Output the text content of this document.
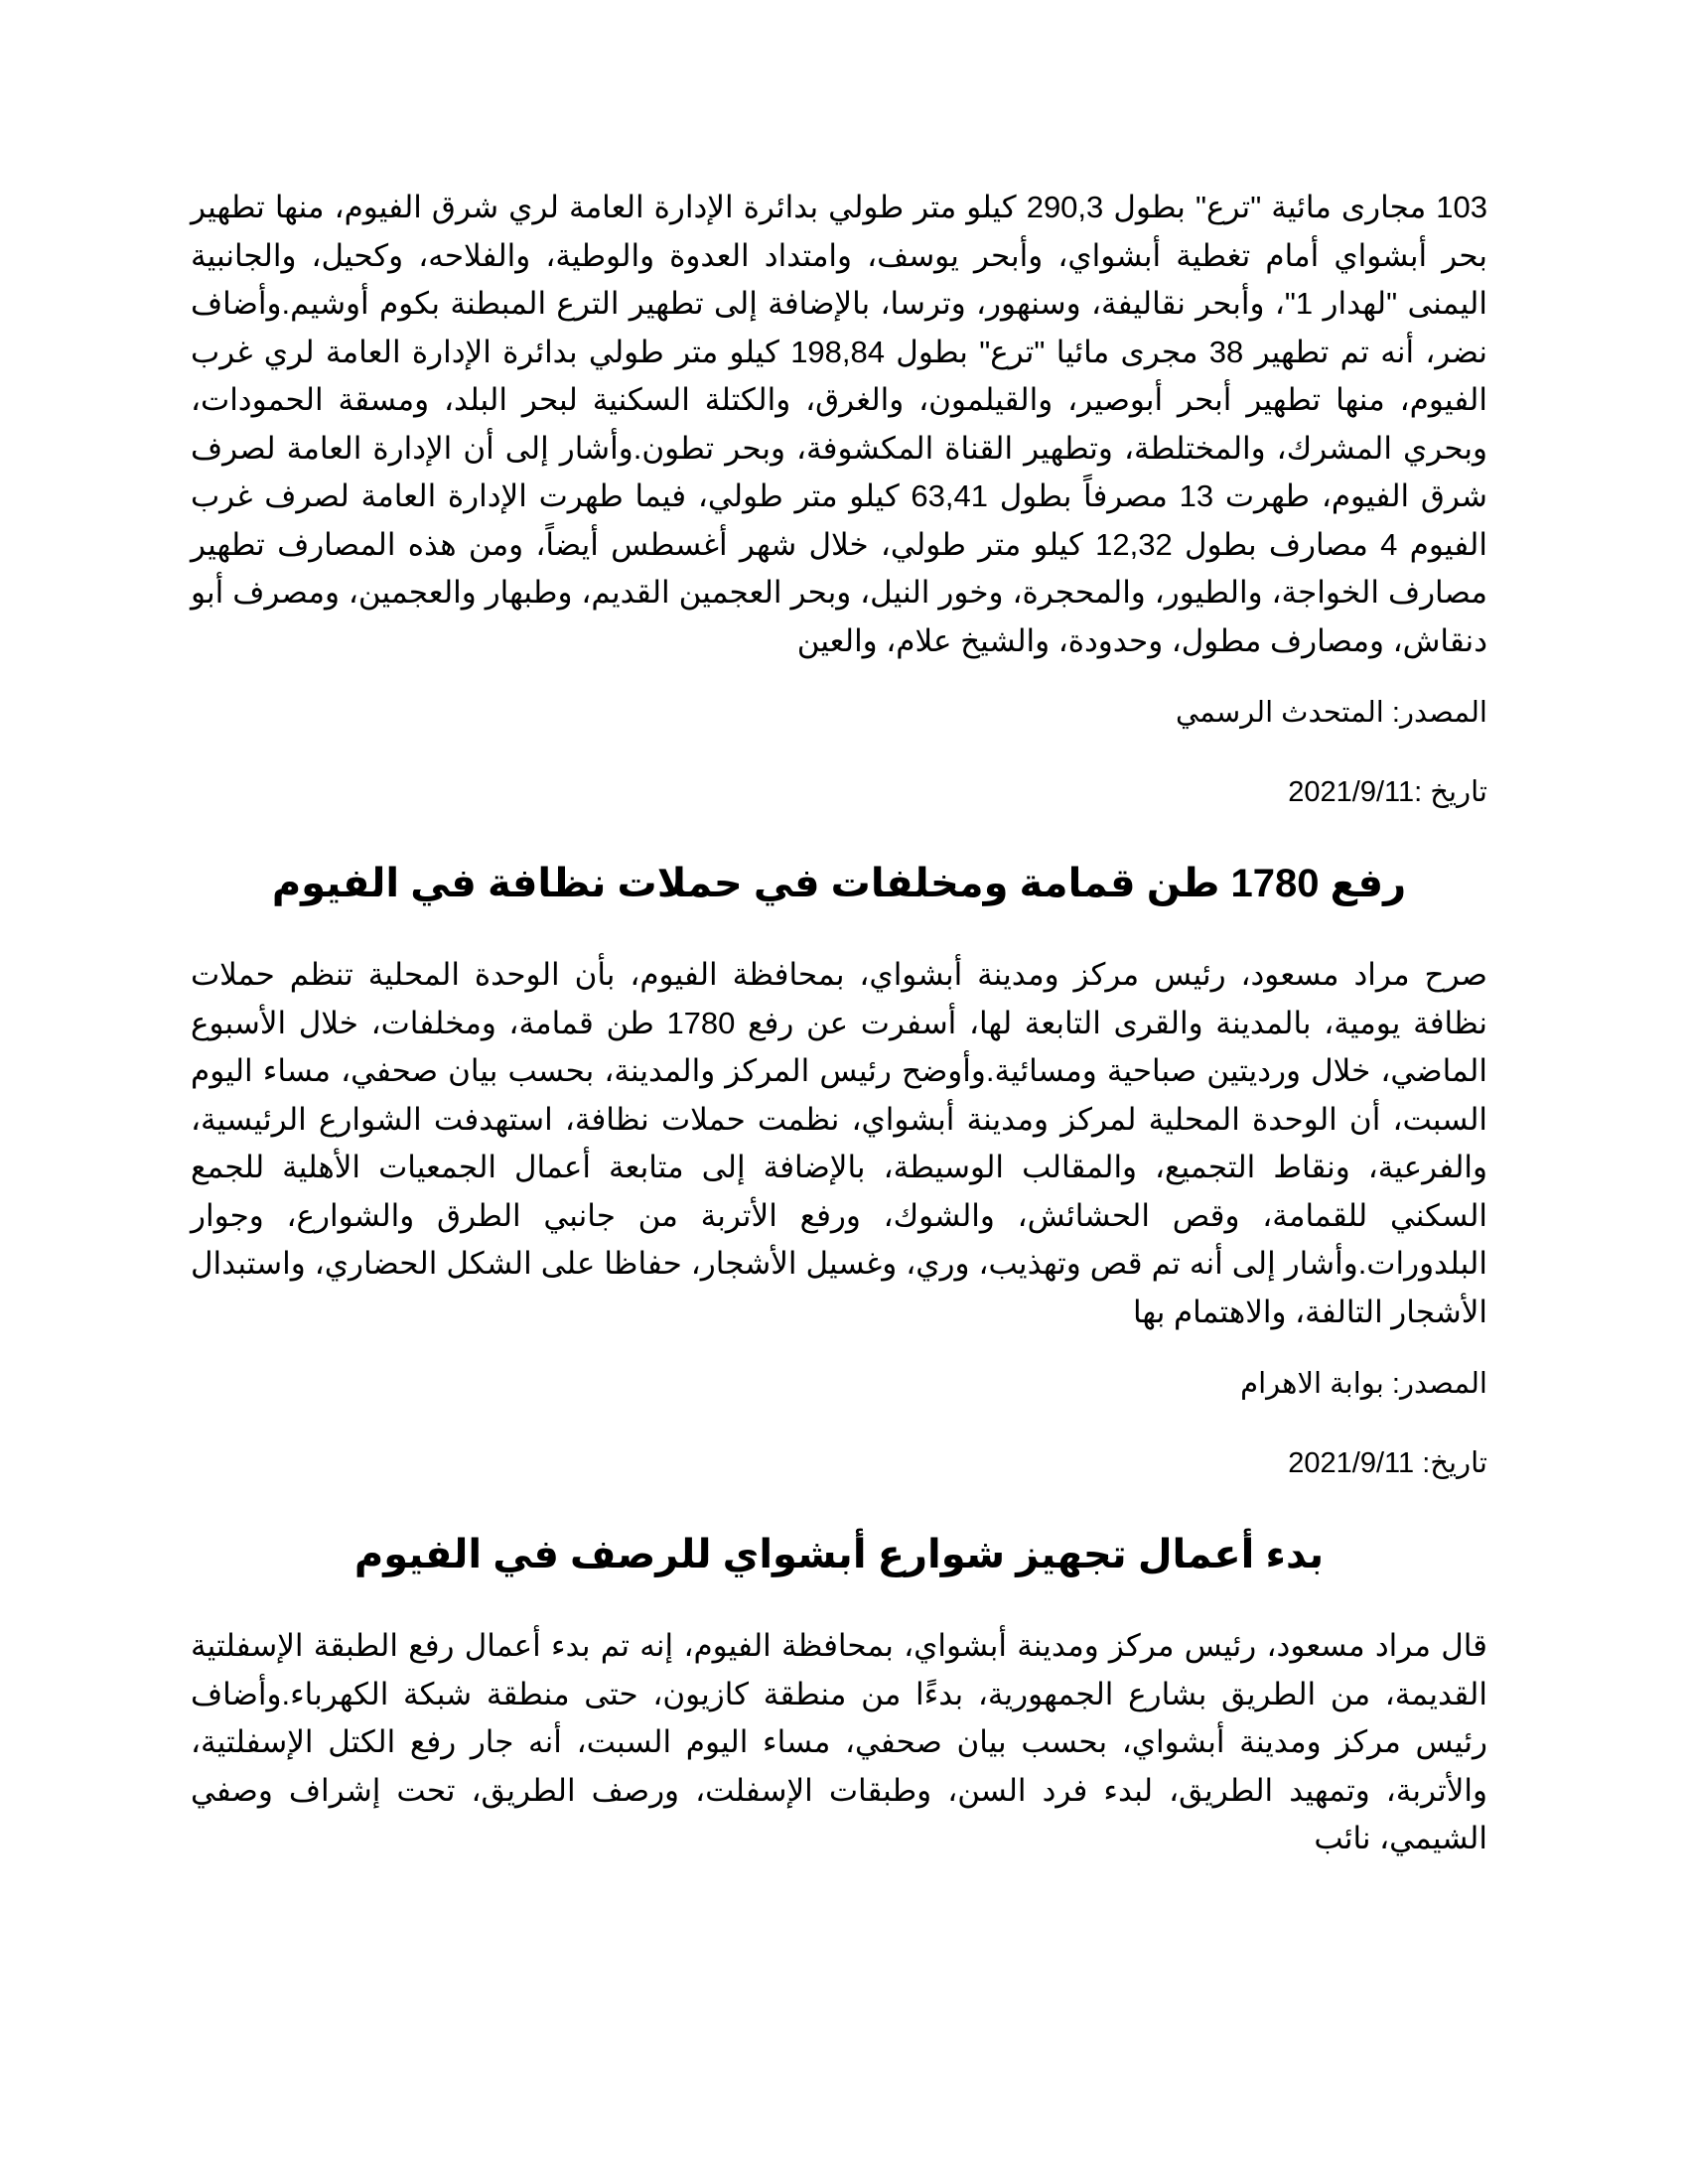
103 مجارى مائية "ترع" بطول 290,3 كيلو متر طولي بدائرة الإدارة العامة لري شرق الفيوم، منها تطهير بحر أبشواي أمام تغطية أبشواي، وأبحر يوسف، وامتداد العدوة والوطية، والفلاحه، وكحيل، والجانبية اليمنى "لهدار 1"، وأبحر نقاليفة، وسنهور، وترسا، بالإضافة إلى تطهير الترع المبطنة بكوم أوشيم.وأضاف نضر، أنه تم تطهير 38 مجرى مائيا "ترع" بطول 198,84 كيلو متر طولي بدائرة الإدارة العامة لري غرب الفيوم، منها تطهير أبحر أبوصير، والقيلمون، والغرق، والكتلة السكنية لبحر البلد، ومسقة الحمودات، وبحري المشرك، والمختلطة، وتطهير القناة المكشوفة، وبحر تطون.وأشار إلى أن الإدارة العامة لصرف شرق الفيوم، طهرت 13 مصرفاً بطول 63,41 كيلو متر طولي، فيما طهرت الإدارة العامة لصرف غرب الفيوم 4 مصارف بطول 12,32 كيلو متر طولي، خلال شهر أغسطس أيضاً، ومن هذه المصارف تطهير مصارف الخواجة، والطيور، والمحجرة، وخور النيل، وبحر العجمين القديم، وطبهار والعجمين، ومصرف أبو دنقاش، ومصارف مطول، وحدودة، والشيخ علام، والعين

المصدر: المتحدث الرسمي

تاريخ :2021/9/11

رفع 1780 طن قمامة ومخلفات في حملات نظافة في الفيوم

صرح مراد مسعود، رئيس مركز ومدينة أبشواي، بمحافظة الفيوم، بأن الوحدة المحلية تنظم حملات نظافة يومية، بالمدينة والقرى التابعة لها، أسفرت عن رفع 1780 طن قمامة، ومخلفات، خلال الأسبوع الماضي، خلال ورديتين صباحية ومسائية.وأوضح رئيس المركز والمدينة، بحسب بيان صحفي، مساء اليوم السبت، أن الوحدة المحلية لمركز ومدينة أبشواي، نظمت حملات نظافة، استهدفت الشوارع الرئيسية، والفرعية، ونقاط التجميع، والمقالب الوسيطة، بالإضافة إلى متابعة أعمال الجمعيات الأهلية للجمع السكني للقمامة، وقص الحشائش، والشوك، ورفع الأتربة من جانبي الطرق والشوارع، وجوار البلدورات.وأشار إلى أنه تم قص وتهذيب، وري، وغسيل الأشجار، حفاظا على الشكل الحضاري، واستبدال الأشجار التالفة، والاهتمام بها

المصدر: بوابة الاهرام

تاريخ: 2021/9/11

بدء أعمال تجهيز شوارع أبشواي للرصف في الفيوم

قال مراد مسعود، رئيس مركز ومدينة أبشواي، بمحافظة الفيوم، إنه تم بدء أعمال رفع الطبقة الإسفلتية القديمة، من الطريق بشارع الجمهورية، بدءًا من منطقة كازيون، حتى منطقة شبكة الكهرباء.وأضاف رئيس مركز ومدينة أبشواي، بحسب بيان صحفي، مساء اليوم السبت، أنه جار رفع الكتل الإسفلتية، والأتربة، وتمهيد الطريق، لبدء فرد السن، وطبقات الإسفلت، ورصف الطريق، تحت إشراف وصفي الشيمي، نائب
